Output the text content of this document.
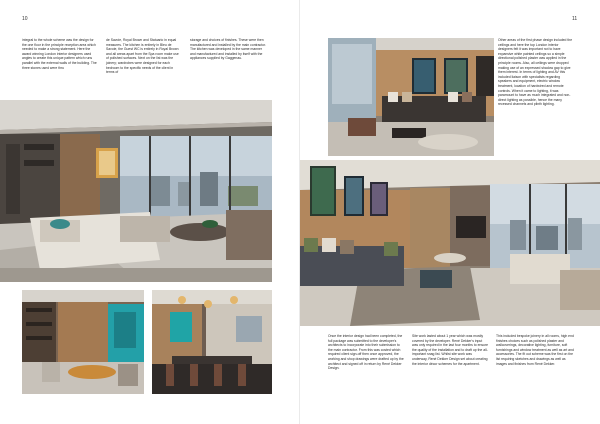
10
integral to the whole scheme was the design for the one floor in the principle reception area which needed to make a strong statement. Here the award winning London interior designers used angles to create this unique pattern which runs parallel with the external walls of the building. The three stones used were thru
de Savoie, Royal Brown and Statuario in equal measures. The kitchen is entirely in Bleu de Savoie, the Guest WC is entirely in Royal Brown and all areas apart from the Spa room make use of polished surfaces. Next on the list was the joinery; wardrobes were designed for each bedroom to the specific needs of the client in terms of
storage and choices of finishes. These were then manufactured and installed by the main contractor. The kitchen was developed in the same manner and manufactured and installed by itself with the appliances supplied by Gaggenau.
11
Other areas of the first phase design included the ceilings and here the top London interior designers felt it was important not to have expansive white painted ceilings so a simple directional polished plaster was applied in the principle rooms. Also, all ceilings were dropped making use of an expressed shadow gap to give them interest. In terms of lighting and AV this included liaison with specialists regarding speakers and equipment, electric window treatment, location of hardwired and remote controls. When it came to lighting, it was paramount to have as much integrated and non-direct lighting as possible, hence the many recessed channels and plinth lighting.
Once the interior design had been completed, the full package was submitted to the developer's architects to incorporate into their submission to the main contractor. From this was costed which required client sign-off then once approved, the working and shop drawings were drafted up by the architect and signed off in return by René Dekker Design.
Site work lasted about 1 year which was mostly covered by the developer. René Dekker's input was only required in the last four months to ensure the quality of the installation and to draft up the all-important snag list. Whilst site work was underway, René Dekker Design set about creating the interior décor schemes for the apartment.
This included bespoke joinery in all rooms, high end finishes choices such as polished plaster and wallcoverings, decorative lighting, furniture, soft furnishings and window treatment as well as art and accessories. The fit out scheme was the first on the list requiring sketches and drawings as well as images and finishes from René Dekker.
